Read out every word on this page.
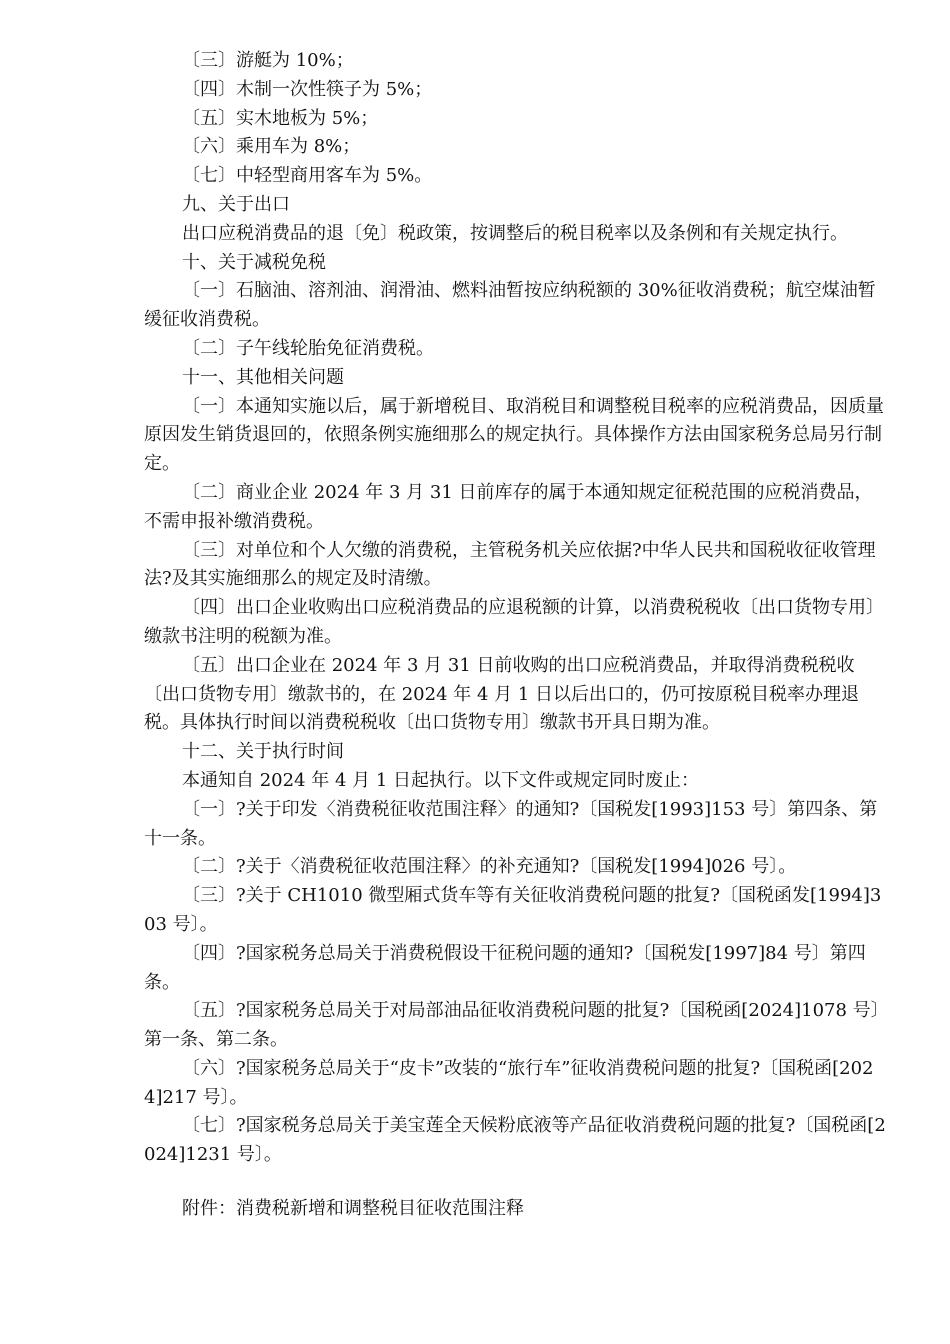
〔三〕游艇为 10%；

〔四〕木制一次性筷子为 5%；

〔五〕实木地板为 5%；

〔六〕乘用车为 8%；

〔七〕中轻型商用客车为 5%。

九、关于出口

出口应税消费品的退〔免〕税政策，按调整后的税目税率以及条例和有关规定执行。

十、关于减税免税

〔一〕石脑油、溶剂油、润滑油、燃料油暂按应纳税额的 30%征收消费税；航空煤油暂缓征收消费税。

〔二〕子午线轮胎免征消费税。

十一、其他相关问题

〔一〕本通知实施以后，属于新增税目、取消税目和调整税目税率的应税消费品，因质量原因发生销货退回的，依照条例实施细那么的规定执行。具体操作方法由国家税务总局另行制定。

〔二〕商业企业 2024 年 3 月 31 日前库存的属于本通知规定征税范围的应税消费品，不需申报补缴消费税。

〔三〕对单位和个人欠缴的消费税，主管税务机关应依据?中华人民共和国税收征收管理法?及其实施细那么的规定及时清缴。

〔四〕出口企业收购出口应税消费品的应退税额的计算，以消费税税收〔出口货物专用〕缴款书注明的税额为准。

〔五〕出口企业在 2024 年 3 月 31 日前收购的出口应税消费品，并取得消费税税收〔出口货物专用〕缴款书的，在 2024 年 4 月 1 日以后出口的，仍可按原税目税率办理退税。具体执行时间以消费税税收〔出口货物专用〕缴款书开具日期为准。

十二、关于执行时间

本通知自 2024 年 4 月 1 日起执行。以下文件或规定同时废止：

〔一〕?关于印发〈消费税征收范围注释〉的通知?〔国税发[1993]153 号〕第四条、第十一条。

〔二〕?关于〈消费税征收范围注释〉的补充通知?〔国税发[1994]026 号〕。

〔三〕?关于 CH1010 微型厢式货车等有关征收消费税问题的批复?〔国税函发[1994]303 号〕。

〔四〕?国家税务总局关于消费税假设干征税问题的通知?〔国税发[1997]84 号〕第四条。

〔五〕?国家税务总局关于对局部油品征收消费税问题的批复?〔国税函[2024]1078 号〕第一条、第二条。

〔六〕?国家税务总局关于“皮卡”改装的“旅行车”征收消费税问题的批复?〔国税函[2024]217 号〕。

〔七〕?国家税务总局关于美宝莲全天候粉底液等产品征收消费税问题的批复?〔国税函[2024]1231 号〕。

附件：消费税新增和调整税目征收范围注释
